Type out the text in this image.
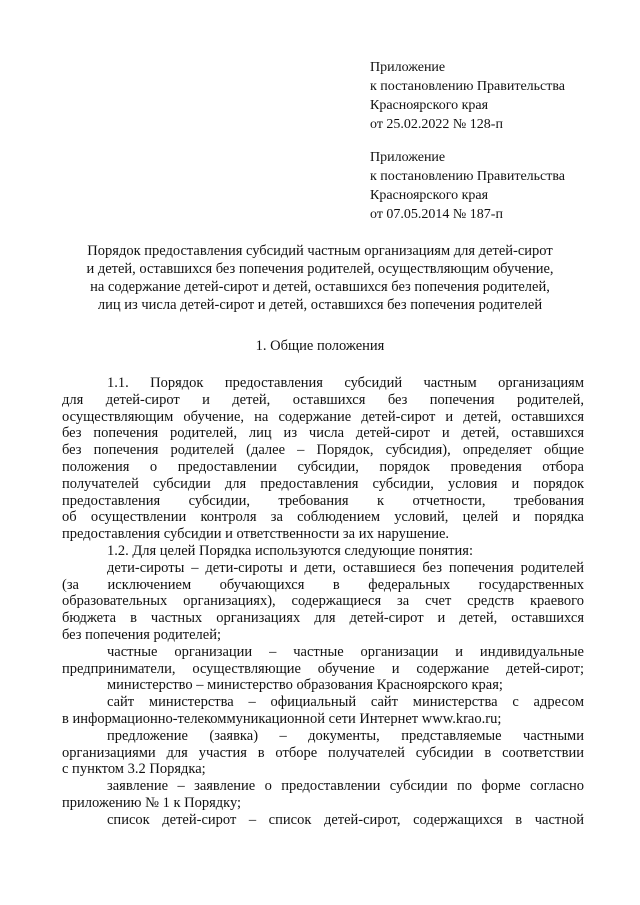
Приложение
к постановлению Правительства
Красноярского края
от 25.02.2022 № 128-п
Приложение
к постановлению Правительства
Красноярского края
от 07.05.2014 № 187-п
Порядок предоставления субсидий частным организациям для детей-сирот
и детей, оставшихся без попечения родителей, осуществляющим обучение,
на содержание детей-сирот и детей, оставшихся без попечения родителей,
лиц из числа детей-сирот и детей, оставшихся без попечения родителей
1. Общие положения
1.1. Порядок предоставления субсидий частным организациям
для детей-сирот и детей, оставшихся без попечения родителей,
осуществляющим обучение, на содержание детей-сирот и детей, оставшихся
без попечения родителей, лиц из числа детей-сирот и детей, оставшихся
без попечения родителей (далее – Порядок, субсидия), определяет общие
положения о предоставлении субсидии, порядок проведения отбора
получателей субсидии для предоставления субсидии, условия и порядок
предоставления субсидии, требования к отчетности, требования
об осуществлении контроля за соблюдением условий, целей и порядка
предоставления субсидии и ответственности за их нарушение.
1.2. Для целей Порядка используются следующие понятия:
дети-сироты – дети-сироты и дети, оставшиеся без попечения родителей
(за исключением обучающихся в федеральных государственных
образовательных организациях), содержащиеся за счет средств краевого
бюджета в частных организациях для детей-сирот и детей, оставшихся
без попечения родителей;
частные организации – частные организации и индивидуальные
предприниматели, осуществляющие обучение и содержание детей-сирот;
министерство – министерство образования Красноярского края;
сайт министерства – официальный сайт министерства с адресом
в информационно-телекоммуникационной сети Интернет www.krao.ru;
предложение (заявка) – документы, представляемые частными
организациями для участия в отборе получателей субсидии в соответствии
с пунктом 3.2 Порядка;
заявление – заявление о предоставлении субсидии по форме согласно
приложению № 1 к Порядку;
список детей-сирот – список детей-сирот, содержащихся в частной
